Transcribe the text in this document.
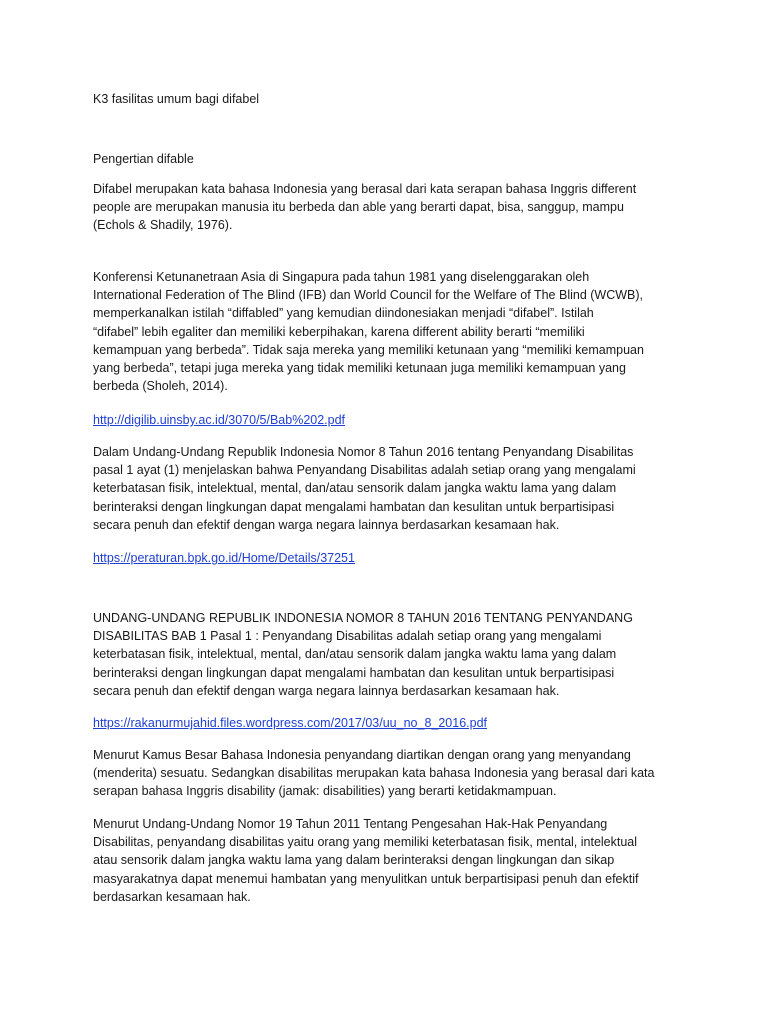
K3 fasilitas umum bagi difabel

Pengertian difable

Difabel merupakan kata bahasa Indonesia yang berasal dari kata serapan bahasa Inggris different
people are merupakan manusia itu berbeda dan able yang berarti dapat, bisa, sanggup, mampu
(Echols & Shadily, 1976).

Konferensi Ketunanetraan Asia di Singapura pada tahun 1981 yang diselenggarakan oleh
International Federation of The Blind (IFB) dan World Council for the Welfare of The Blind (WCWB),
memperkanalkan istilah “diffabled” yang kemudian diindonesiakan menjadi “difabel”. Istilah
“difabel” lebih egaliter dan memiliki keberpihakan, karena different ability berarti “memiliki
kemampuan yang berbeda”. Tidak saja mereka yang memiliki ketunaan yang “memiliki kemampuan
yang berbeda”, tetapi juga mereka yang tidak memiliki ketunaan juga memiliki kemampuan yang
berbeda (Sholeh, 2014).

http://digilib.uinsby.ac.id/3070/5/Bab%202.pdf

Dalam Undang-Undang Republik Indonesia Nomor 8 Tahun 2016 tentang Penyandang Disabilitas
pasal 1 ayat (1) menjelaskan bahwa Penyandang Disabilitas adalah setiap orang yang mengalami
keterbatasan fisik, intelektual, mental, dan/atau sensorik dalam jangka waktu lama yang dalam
berinteraksi dengan lingkungan dapat mengalami hambatan dan kesulitan untuk berpartisipasi
secara penuh dan efektif dengan warga negara lainnya berdasarkan kesamaan hak.

https://peraturan.bpk.go.id/Home/Details/37251

UNDANG-UNDANG REPUBLIK INDONESIA NOMOR 8 TAHUN 2016 TENTANG PENYANDANG
DISABILITAS BAB 1 Pasal 1 : Penyandang Disabilitas adalah setiap orang yang mengalami
keterbatasan fisik, intelektual, mental, dan/atau sensorik dalam jangka waktu lama yang dalam
berinteraksi dengan lingkungan dapat mengalami hambatan dan kesulitan untuk berpartisipasi
secara penuh dan efektif dengan warga negara lainnya berdasarkan kesamaan hak.

https://rakanurmujahid.files.wordpress.com/2017/03/uu_no_8_2016.pdf

Menurut Kamus Besar Bahasa Indonesia penyandang diartikan dengan orang yang menyandang
(menderita) sesuatu. Sedangkan disabilitas merupakan kata bahasa Indonesia yang berasal dari kata
serapan bahasa Inggris disability (jamak: disabilities) yang berarti ketidakmampuan.

Menurut Undang-Undang Nomor 19 Tahun 2011 Tentang Pengesahan Hak-Hak Penyandang
Disabilitas, penyandang disabilitas yaitu orang yang memiliki keterbatasan fisik, mental, intelektual
atau sensorik dalam jangka waktu lama yang dalam berinteraksi dengan lingkungan dan sikap
masyarakatnya dapat menemui hambatan yang menyulitkan untuk berpartisipasi penuh dan efektif
berdasarkan kesamaan hak.
